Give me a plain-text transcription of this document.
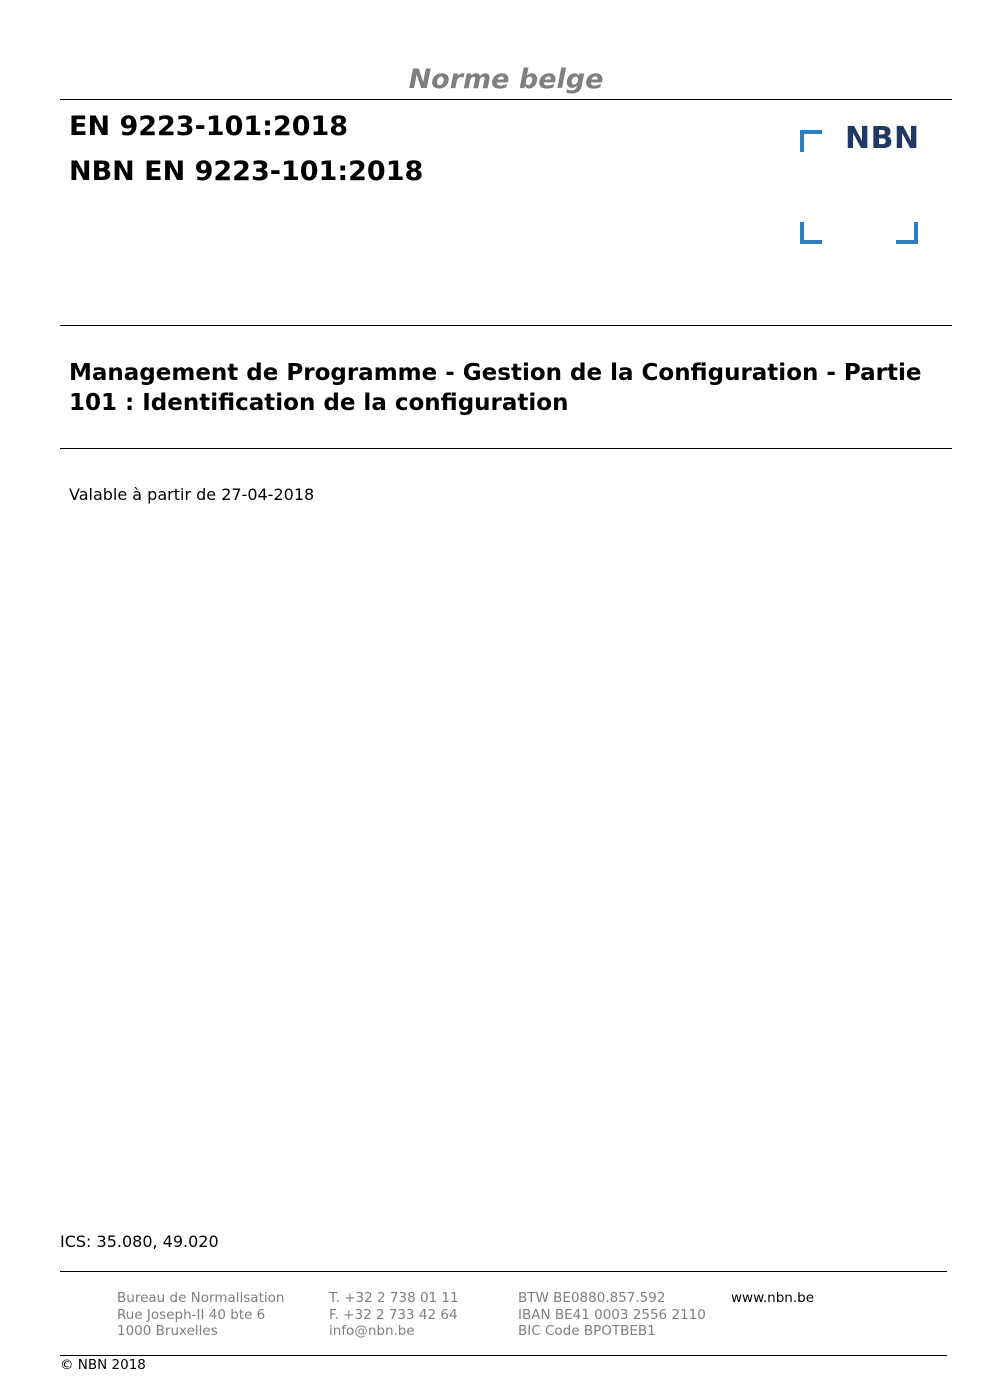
Norme belge
EN 9223-101:2018
NBN EN 9223-101:2018
NBN
Management de Programme - Gestion de la Configuration - Partie
101 : Identification de la configuration
Valable à partir de 27-04-2018
ICS: 35.080, 49.020
Bureau de Normalisation
Rue Joseph-II 40 bte 6
1000 Bruxelles
T. +32 2 738 01 11
F. +32 2 733 42 64
info@nbn.be
BTW BE0880.857.592
IBAN BE41 0003 2556 2110
BIC Code BPOTBEB1
www.nbn.be
© NBN 2018
